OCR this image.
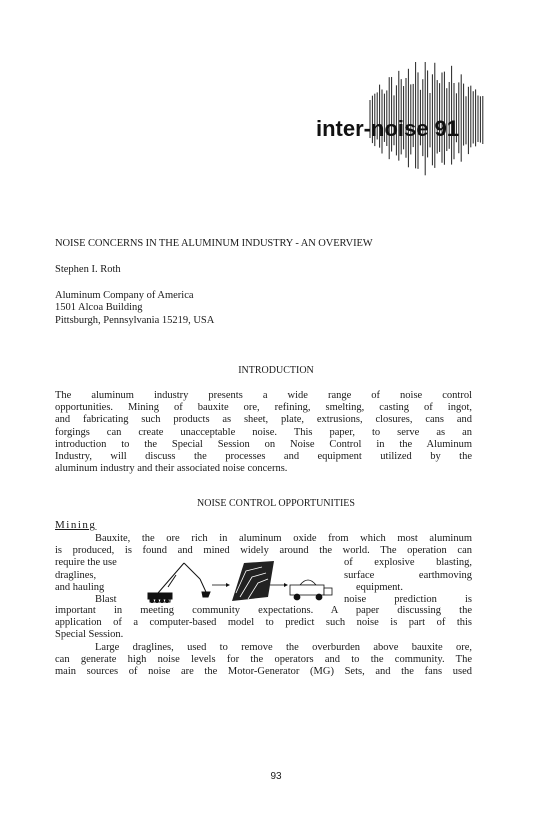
inter-noise 91
NOISE CONCERNS IN THE ALUMINUM INDUSTRY - AN OVERVIEW
Stephen I. Roth
Aluminum Company of America
1501 Alcoa Building
Pittsburgh, Pennsylvania 15219, USA
INTRODUCTION
The aluminum industry presents a wide range of noise control
opportunities. Mining of bauxite ore, refining, smelting, casting of ingot,
and fabricating such products as sheet, plate, extrusions, closures, cans and
forgings can create unacceptable noise. This paper, to serve as an
introduction to the Special Session on Noise Control in the Aluminum
Industry, will discuss the processes and equipment utilized by the
aluminum industry and their associated noise concerns.
NOISE CONTROL OPPORTUNITIES
Mining
Bauxite, the ore rich in aluminum oxide from which most aluminum
is produced, is found and mined widely around the world. The operation can
require the use
draglines,
and hauling
Blast
of explosive blasting,
surface earthmoving
equipment.
noise prediction is
important in meeting community expectations. A paper discussing the
application of a computer-based model to predict such noise is part of this
Special Session.
Large draglines, used to remove the overburden above bauxite ore,
can generate high noise levels for the operators and to the community. The
main sources of noise are the Motor-Generator (MG) Sets, and the fans used
93
